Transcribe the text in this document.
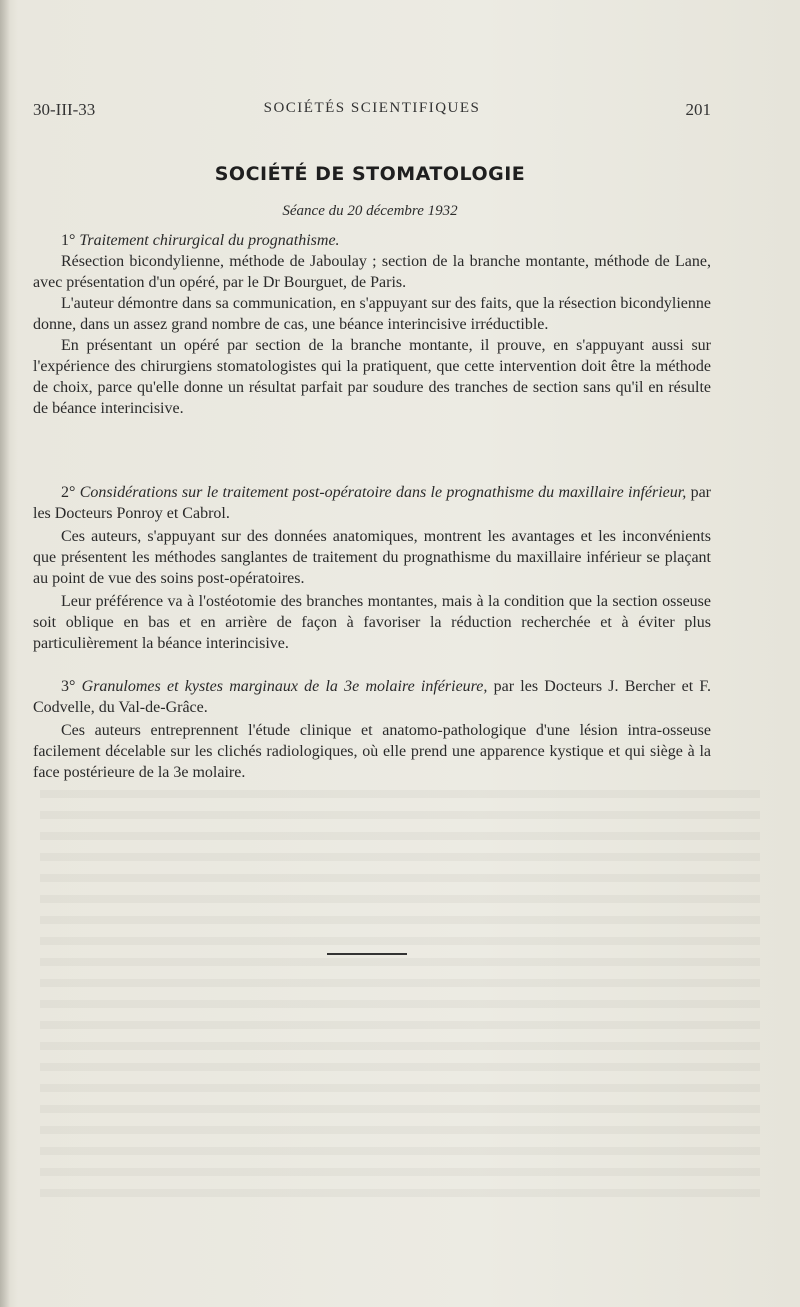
30-III-33	SOCIÉTÉS SCIENTIFIQUES	201
SOCIÉTÉ DE STOMATOLOGIE
Séance du 20 décembre 1932

1° Traitement chirurgical du prognathisme.

Résection bicondylienne, méthode de Jaboulay ; section de la branche montante, méthode de Lane, avec présentation d'un opéré, par le Dr Bourguet, de Paris.

L'auteur démontre dans sa communication, en s'appuyant sur des faits, que la résection bicondylienne donne, dans un assez grand nombre de cas, une béance interincisive irréductible.

En présentant un opéré par section de la branche montante, il prouve, en s'appuyant aussi sur l'expérience des chirurgiens stomatologistes qui la pratiquent, que cette intervention doit être la méthode de choix, parce qu'elle donne un résultat parfait par soudure des tranches de section sans qu'il en résulte de béance interincisive.

2° Considérations sur le traitement post-opératoire dans le prognathisme du maxillaire inférieur, par les Docteurs Ponroy et Cabrol.

Ces auteurs, s'appuyant sur des données anatomiques, montrent les avantages et les inconvénients que présentent les méthodes sanglantes de traitement du prognathisme du maxillaire inférieur se plaçant au point de vue des soins post-opératoires.

Leur préférence va à l'ostéotomie des branches montantes, mais à la condition que la section osseuse soit oblique en bas et en arrière de façon à favoriser la réduction recherchée et à éviter plus particulièrement la béance interincisive.

3° Granulomes et kystes marginaux de la 3e molaire inférieure, par les Docteurs J. Bercher et F. Codvelle, du Val-de-Grâce.

Ces auteurs entreprennent l'étude clinique et anatomo-pathologique d'une lésion intra-osseuse facilement décelable sur les clichés radiologiques, où elle prend une apparence kystique et qui siège à la face postérieure de la 3e molaire.
